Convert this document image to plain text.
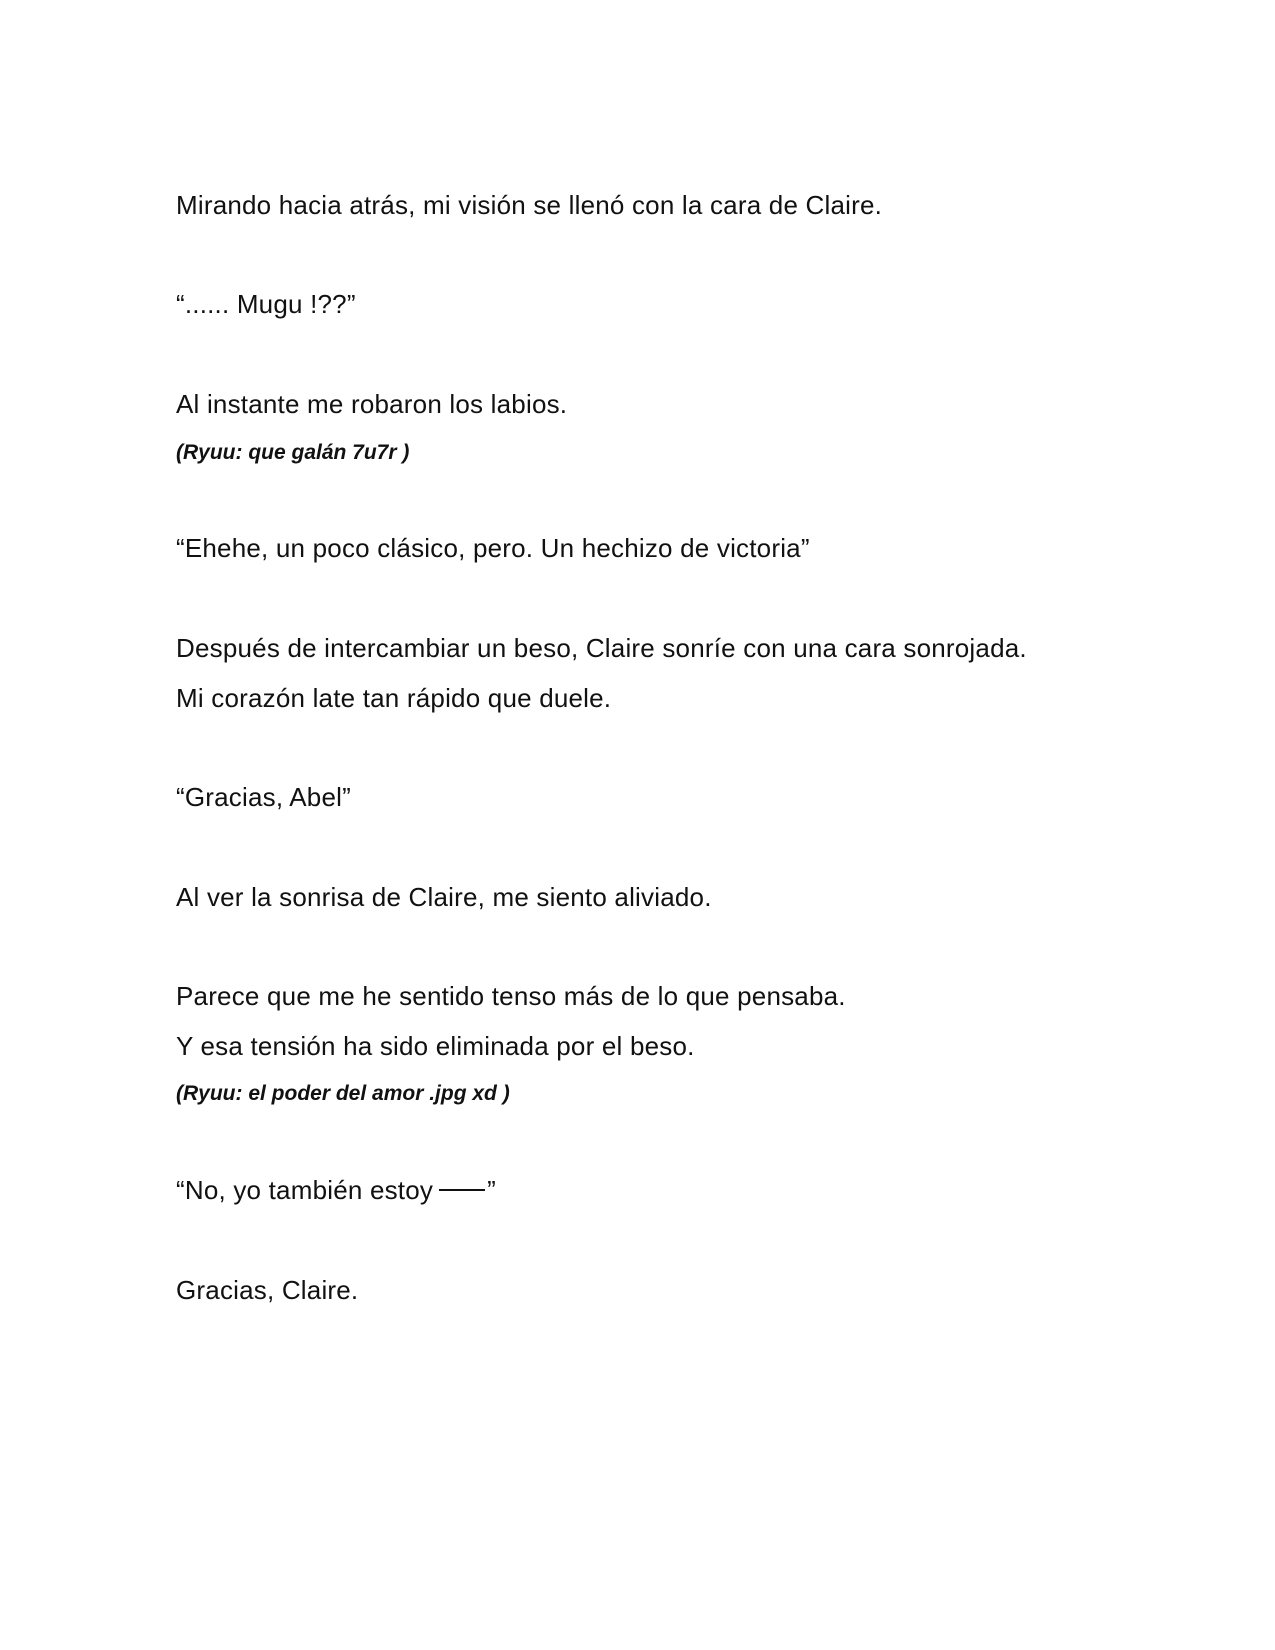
Mirando hacia atrás, mi visión se llenó con la cara de Claire.
“...... Mugu !??”
Al instante me robaron los labios.
(Ryuu: que galán 7u7r )
“Ehehe, un poco clásico, pero. Un hechizo de victoria”
Después de intercambiar un beso, Claire sonríe con una cara sonrojada.
Mi corazón late tan rápido que duele.
“Gracias, Abel”
Al ver la sonrisa de Claire, me siento aliviado.
Parece que me he sentido tenso más de lo que pensaba.
Y esa tensión ha sido eliminada por el beso.
(Ryuu: el poder del amor .jpg xd )
“No, yo también estoy ”
Gracias, Claire.
